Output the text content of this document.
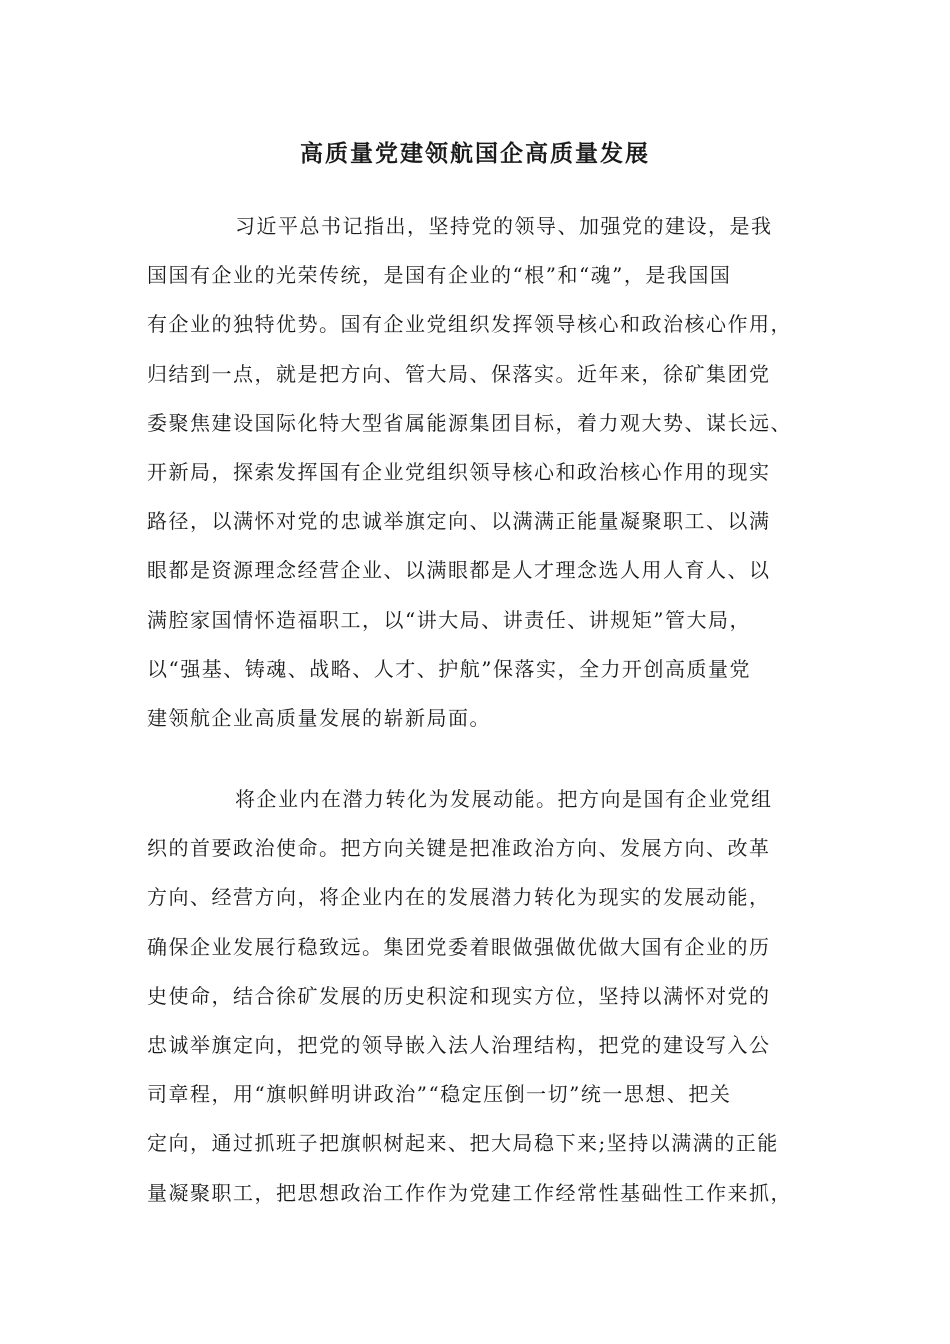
高质量党建领航国企高质量发展
习近平总书记指出，坚持党的领导、加强党的建设，是我
国国有企业的光荣传统，是国有企业的“根”和“魂”，是我国国
有企业的独特优势。国有企业党组织发挥领导核心和政治核心作用，
归结到一点，就是把方向、管大局、保落实。近年来，徐矿集团党
委聚焦建设国际化特大型省属能源集团目标，着力观大势、谋长远、
开新局，探索发挥国有企业党组织领导核心和政治核心作用的现实
路径，以满怀对党的忠诚举旗定向、以满满正能量凝聚职工、以满
眼都是资源理念经营企业、以满眼都是人才理念选人用人育人、以
满腔家国情怀造福职工，以“讲大局、讲责任、讲规矩”管大局，
以“强基、铸魂、战略、人才、护航”保落实，全力开创高质量党
建领航企业高质量发展的崭新局面。
将企业内在潜力转化为发展动能。把方向是国有企业党组
织的首要政治使命。把方向关键是把准政治方向、发展方向、改革
方向、经营方向，将企业内在的发展潜力转化为现实的发展动能，
确保企业发展行稳致远。集团党委着眼做强做优做大国有企业的历
史使命，结合徐矿发展的历史积淀和现实方位，坚持以满怀对党的
忠诚举旗定向，把党的领导嵌入法人治理结构，把党的建设写入公
司章程，用“旗帜鲜明讲政治”“稳定压倒一切”统一思想、把关
定向，通过抓班子把旗帜树起来、把大局稳下来;坚持以满满的正能
量凝聚职工，把思想政治工作作为党建工作经常性基础性工作来抓，
